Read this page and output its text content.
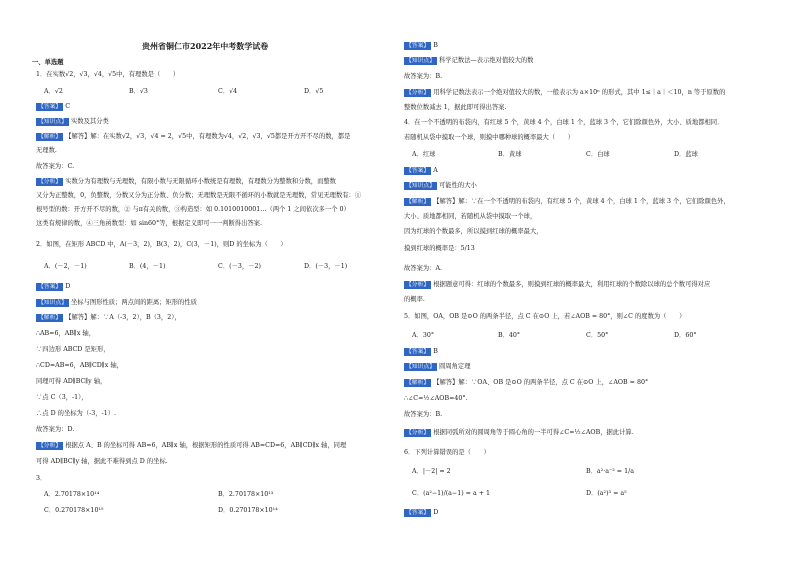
贵州省铜仁市2022年中考数学试卷
一、单选题
1．在实数√2，√3，√4，√5中，有理数是（　　）
A．√2	B．√3	C．√4	D．√5
【答案】 C
【知识点】 实数及其分类
【解析】 【解答】解：在实数√2，√3，√4 = 2，√5中，有理数为√4，√2，√3，√5都是开方开不尽的数，都是
无理数.
故答案为：C.
【分析】 实数分为有理数与无理数，有限小数与无限循环小数统是有理数，有理数分为整数和分数，而整数
又分为正整数，0，负整数，分数又分为正分数、负分数；无理数是无限不循环的小数就是无理数，常见无理数有：①
根号型的数：开方开不尽的数，② 与π有关的数，③构造型：如 0.1010010001…（两个 1 之间依次多一个 0）
这类有规律的数，④三角函数型：如 sin60°等，根据定义即可一一判断得出答案.
2．如图，在矩形 ABCD 中，A(－3，2)，B(3，2)，C(3，－1)，则D 的坐标为（　　）
A．(－2，－1)	B．(4，－1)	C．(－3，－2)	D．(－3，－1)
【答案】 D
【知识点】 坐标与图形性质；两点间的距离；矩形的性质
【解析】 【解答】解：∵A（-3，2），B（3，2），
∴AB=6，AB∥x 轴，
∵四边形 ABCD 是矩形，
∴CD=AB=6，AB∥CD∥x 轴，
同理可得 AD∥BC∥y 轴，
∵点 C（3，-1），
∴点 D 的坐标为（-3，-1）.
故答案为：D.
【分析】 根据点 A、B 的坐标可得 AB=6，AB∥x 轴，根据矩形的性质可得 AB=CD=6，AB∥CD∥x 轴，同理
可得 AD∥BC∥y 轴，据此不难得到点 D 的坐标.
3．
A．2.70178×10¹⁴	B．2.70178×10¹³
C．0.270178×10¹⁵	D．0.270178×10¹⁴
【答案】 B
【知识点】 科学记数法—表示绝对值较大的数
故答案为：B.
【分析】 用科学记数法表示一个绝对值较大的数，一般表示为 a×10ⁿ 的形式，其中 1≤｜a｜＜10，n 等于原数的
整数位数减去 1，据此即可得出答案.
4．在一个不透明的布袋内，有红球 5 个，黄球 4 个，白球 1 个，蓝球 3 个，它们除颜色外，大小、质地都相同．
若随机从袋中摸取一个球，则摸中哪种球的概率最大（　　）
A．红球	B．黄球	C．白球	D．蓝球
【答案】 A
【知识点】 可能性的大小
【解析】 【解答】解：∵在一个不透明的布袋内，有红球 5 个，黄球 4 个，白球 1 个，蓝球 3 个，它们除颜色外，
大小、质地都相同，若随机从袋中摸取一个球，
因为红球的个数最多，所以摸到红球的概率最大，
摸到红球的概率是：5/13
故答案为：A.
【分析】 根据题意可得：红球的个数最多，则摸到红球的概率最大，利用红球的个数除以球的总个数可得对应
的概率.
5．如图，OA，OB 是⊙O 的两条半径，点 C 在⊙O 上，若∠AOB = 80°，则∠C 的度数为（　　）
A．30°	B．40°	C．50°	D．60°
【答案】 B
【知识点】 圆周角定理
【解析】 【解答】解：∵OA、OB 是⊙O 的两条半径，点 C 在⊙O 上，∠AOB = 80°
∴∠C=½∠AOB=40°.
故答案为：B.
【分析】 根据同弧所对的圆周角等于圆心角的一半可得∠C=½∠AOB，据此计算.
6．下列计算错误的是（　　）
A．|－2| = 2	B．a²·a⁻² = 1/a
C．(a²−1)/(a−1) = a + 1	D．(a²)³ = a⁵
【答案】 D
